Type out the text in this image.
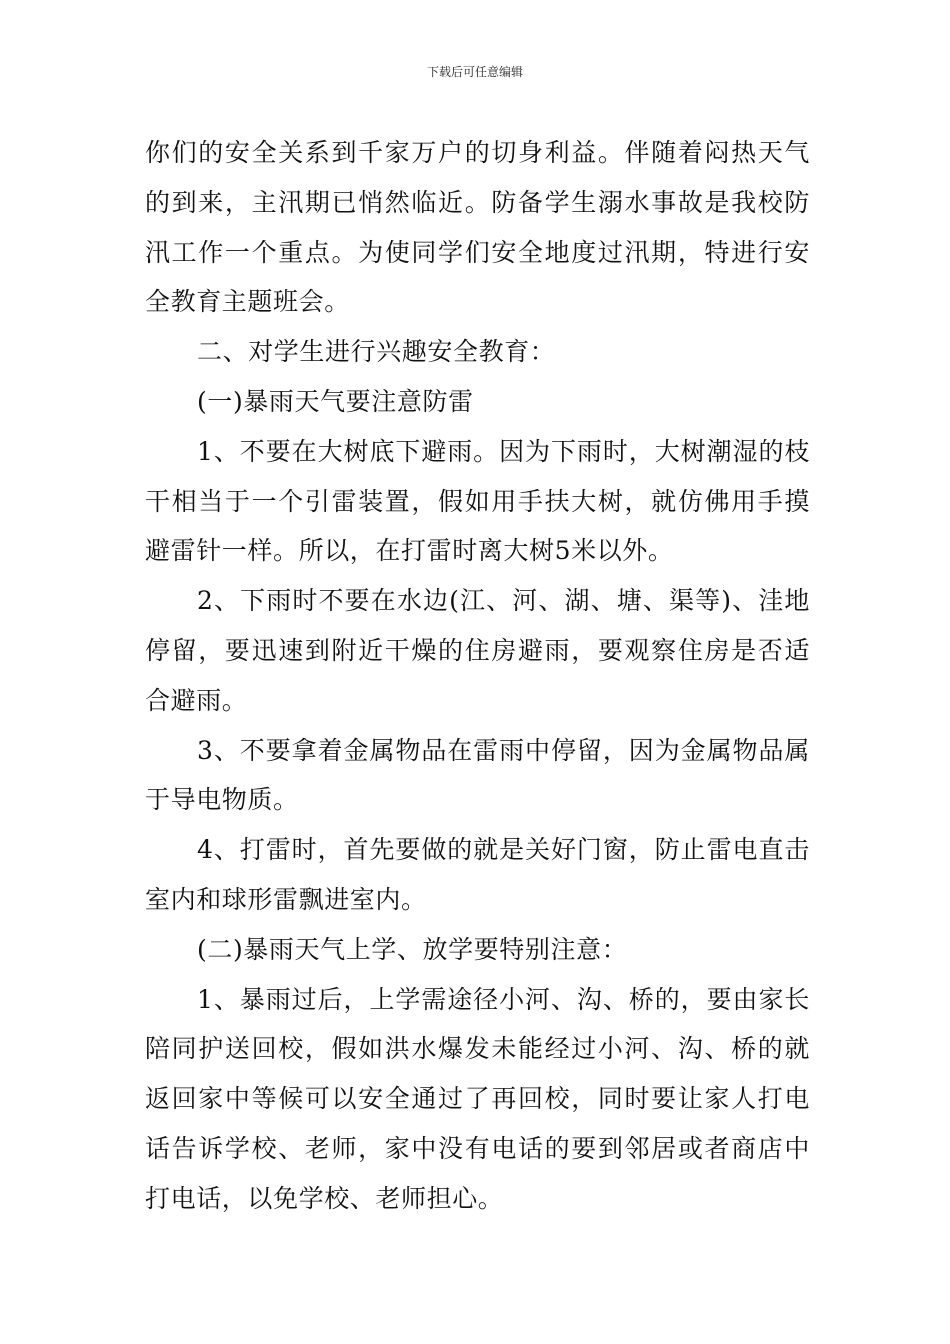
下载后可任意编辑

你们的安全关系到千家万户的切身利益。伴随着闷热天气的到来，主汛期已悄然临近。防备学生溺水事故是我校防汛工作一个重点。为使同学们安全地度过汛期，特进行安全教育主题班会。

二、对学生进行兴趣安全教育：

(一)暴雨天气要注意防雷

1、不要在大树底下避雨。因为下雨时，大树潮湿的枝干相当于一个引雷装置，假如用手扶大树，就仿佛用手摸避雷针一样。所以，在打雷时离大树5米以外。

2、下雨时不要在水边(江、河、湖、塘、渠等)、洼地停留，要迅速到附近干燥的住房避雨，要观察住房是否适合避雨。

3、不要拿着金属物品在雷雨中停留，因为金属物品属于导电物质。

4、打雷时，首先要做的就是关好门窗，防止雷电直击室内和球形雷飘进室内。

(二)暴雨天气上学、放学要特别注意：

1、暴雨过后，上学需途径小河、沟、桥的，要由家长陪同护送回校，假如洪水爆发未能经过小河、沟、桥的就返回家中等候可以安全通过了再回校，同时要让家人打电话告诉学校、老师，家中没有电话的要到邻居或者商店中打电话，以免学校、老师担心。
